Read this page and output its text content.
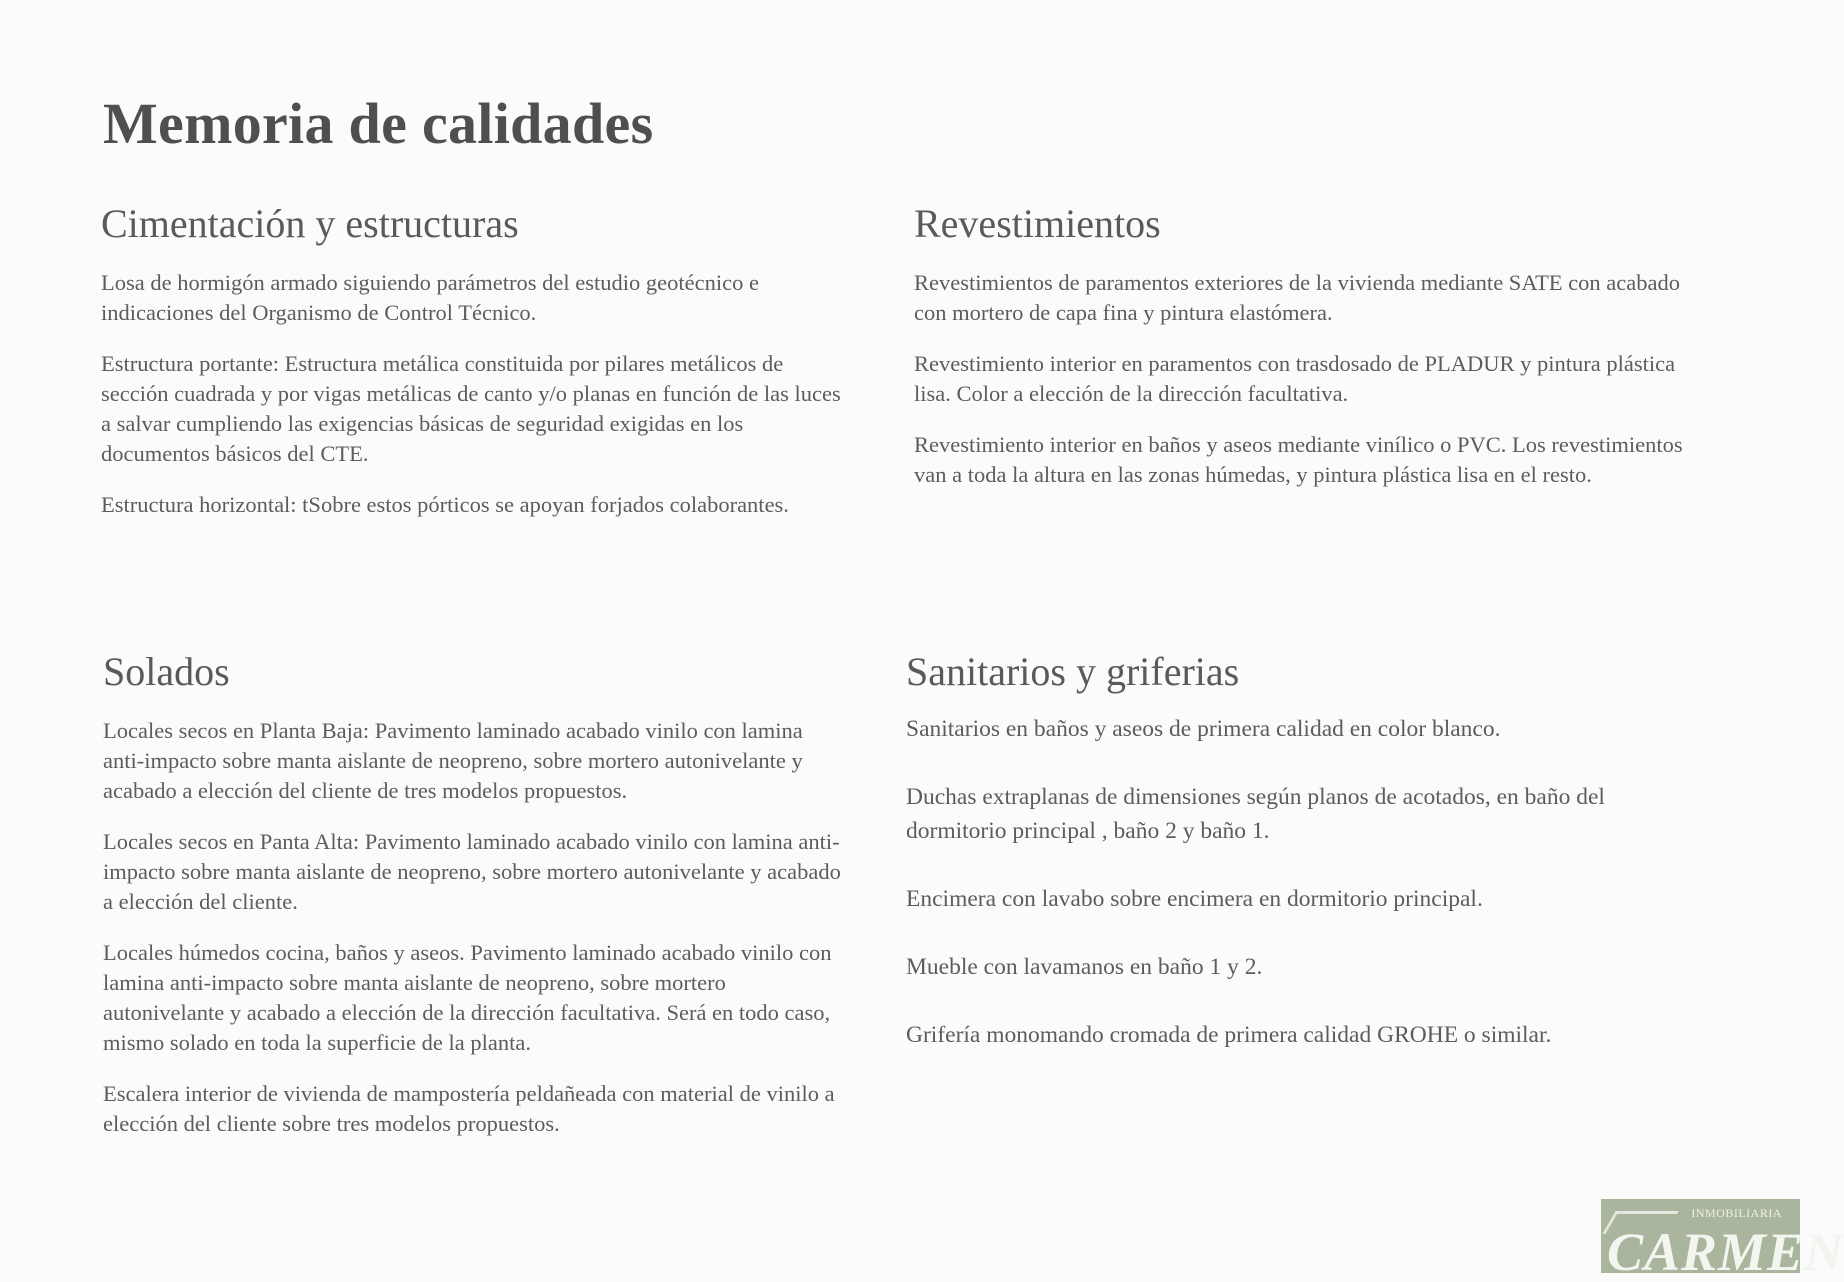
Memoria de calidades
Cimentación y estructuras

Losa de hormigón armado siguiendo parámetros del estudio geotécnico e indicaciones del Organismo de Control Técnico.

Estructura portante: Estructura metálica constituida por pilares metálicos de sección cuadrada y por vigas metálicas de canto y/o planas en función de las luces a salvar cumpliendo las exigencias básicas de seguridad exigidas en los documentos básicos del CTE.

Estructura horizontal: tSobre estos pórticos se apoyan forjados colaborantes.

Revestimientos

Revestimientos de paramentos exteriores de la vivienda mediante SATE con acabado con mortero de capa fina y pintura elastómera.

Revestimiento interior en paramentos con trasdosado de PLADUR y pintura plástica lisa. Color a elección de la dirección facultativa.

Revestimiento interior en baños y aseos mediante vinílico o PVC. Los revestimientos van a toda la altura en las zonas húmedas, y pintura plástica lisa en el resto.

Solados

Locales secos en Planta Baja: Pavimento laminado acabado vinilo con lamina anti-impacto sobre manta aislante de neopreno, sobre mortero autonivelante y acabado a elección del cliente de tres modelos propuestos.

Locales secos en Panta Alta: Pavimento laminado acabado vinilo con lamina anti-impacto sobre manta aislante de neopreno, sobre mortero autonivelante y acabado a elección del cliente.

Locales húmedos cocina, baños y aseos. Pavimento laminado acabado vinilo con lamina anti-impacto sobre manta aislante de neopreno, sobre mortero autonivelante y acabado a elección de la dirección facultativa. Será en todo caso, mismo solado en toda la superficie de la planta.

Escalera interior de vivienda de mampostería peldañeada con material de vinilo a elección del cliente sobre tres modelos propuestos.

Sanitarios y griferias

Sanitarios en baños y aseos de primera calidad en color blanco.

Duchas extraplanas de dimensiones según planos de acotados, en baño del dormitorio principal , baño 2 y baño 1.

Encimera con lavabo sobre encimera en dormitorio principal.

Mueble con lavamanos en baño 1 y 2.

Grifería monomando cromada de primera calidad GROHE o similar.

INMOBILIARIA
CARMEN
